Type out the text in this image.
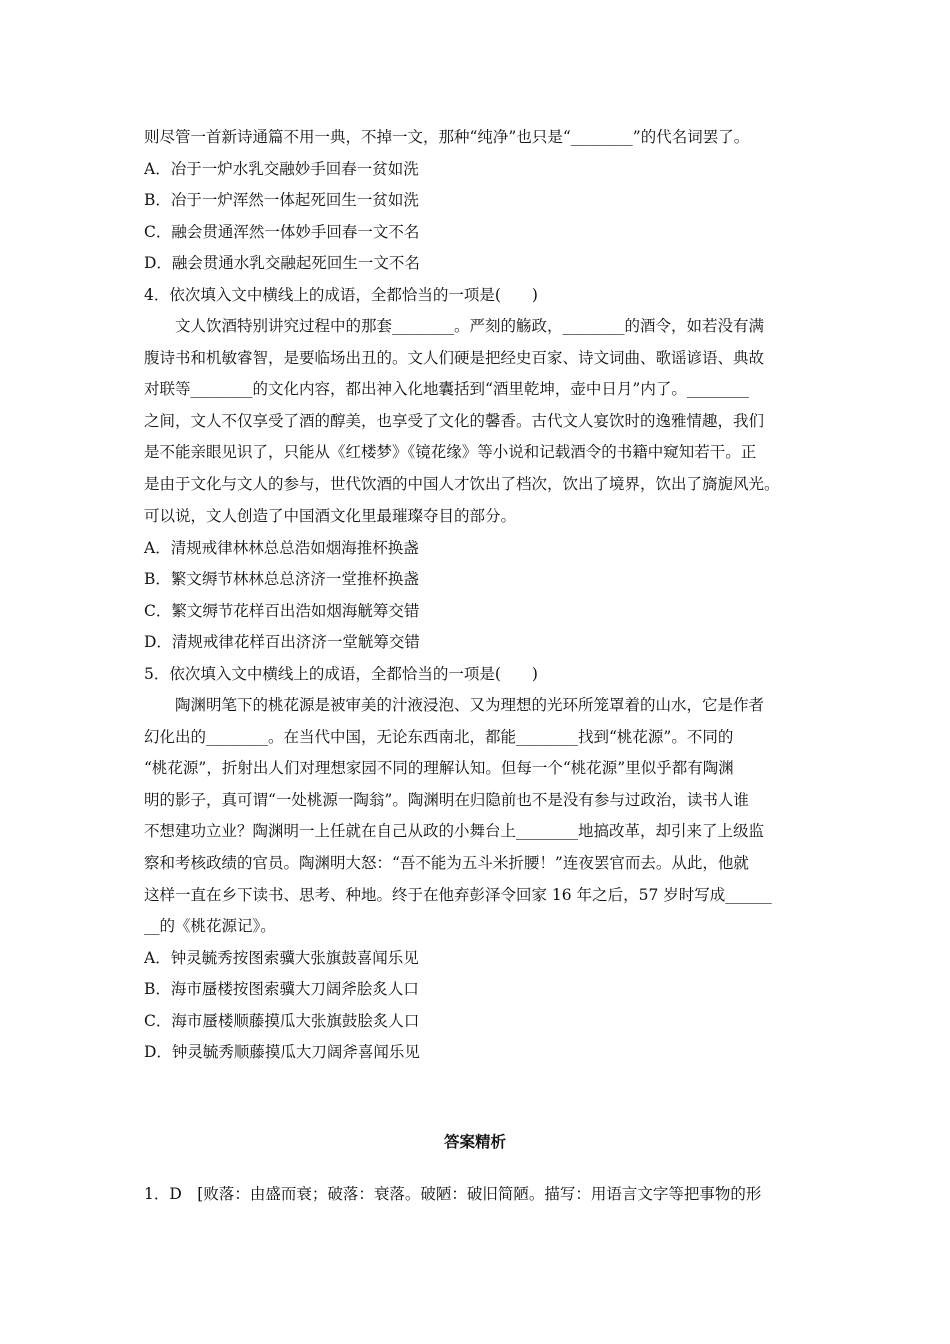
则尽管一首新诗通篇不用一典，不掉一文，那种“纯净”也只是“________”的代名词罢了。
A．冶于一炉水乳交融妙手回春一贫如洗
B．冶于一炉浑然一体起死回生一贫如洗
C．融会贯通浑然一体妙手回春一文不名
D．融会贯通水乳交融起死回生一文不名
4．依次填入文中横线上的成语，全都恰当的一项是(　　)
文人饮酒特别讲究过程中的那套________。严刻的觞政，________的酒令，如若没有满
腹诗书和机敏睿智，是要临场出丑的。文人们硬是把经史百家、诗文词曲、歌谣谚语、典故
对联等________的文化内容，都出神入化地囊括到“酒里乾坤，壶中日月”内了。________
之间，文人不仅享受了酒的醇美，也享受了文化的馨香。古代文人宴饮时的逸雅情趣，我们
是不能亲眼见识了，只能从《红楼梦》《镜花缘》等小说和记载酒令的书籍中窥知若干。正
是由于文化与文人的参与，世代饮酒的中国人才饮出了档次，饮出了境界，饮出了旖旎风光。
可以说，文人创造了中国酒文化里最璀璨夺目的部分。
A．清规戒律林林总总浩如烟海推杯换盏
B．繁文缛节林林总总济济一堂推杯换盏
C．繁文缛节花样百出浩如烟海觥筹交错
D．清规戒律花样百出济济一堂觥筹交错
5．依次填入文中横线上的成语，全都恰当的一项是(　　)
陶渊明笔下的桃花源是被审美的汁液浸泡、又为理想的光环所笼罩着的山水，它是作者
幻化出的________。在当代中国，无论东西南北，都能________找到“桃花源”。不同的
“桃花源”，折射出人们对理想家园不同的理解认知。但每一个“桃花源”里似乎都有陶渊
明的影子，真可谓“一处桃源一陶翁”。陶渊明在归隐前也不是没有参与过政治，读书人谁
不想建功立业？陶渊明一上任就在自己从政的小舞台上________地搞改革，却引来了上级监
察和考核政绩的官员。陶渊明大怒：“吾不能为五斗米折腰！”连夜罢官而去。从此，他就
这样一直在乡下读书、思考、种地。终于在他弃彭泽令回家 16 年之后，57 岁时写成______
__的《桃花源记》。
A．钟灵毓秀按图索骥大张旗鼓喜闻乐见
B．海市蜃楼按图索骥大刀阔斧脍炙人口
C．海市蜃楼顺藤摸瓜大张旗鼓脍炙人口
D．钟灵毓秀顺藤摸瓜大刀阔斧喜闻乐见
答案精析
1．D　[败落：由盛而衰；破落：衰落。破陋：破旧简陋。描写：用语言文字等把事物的形
